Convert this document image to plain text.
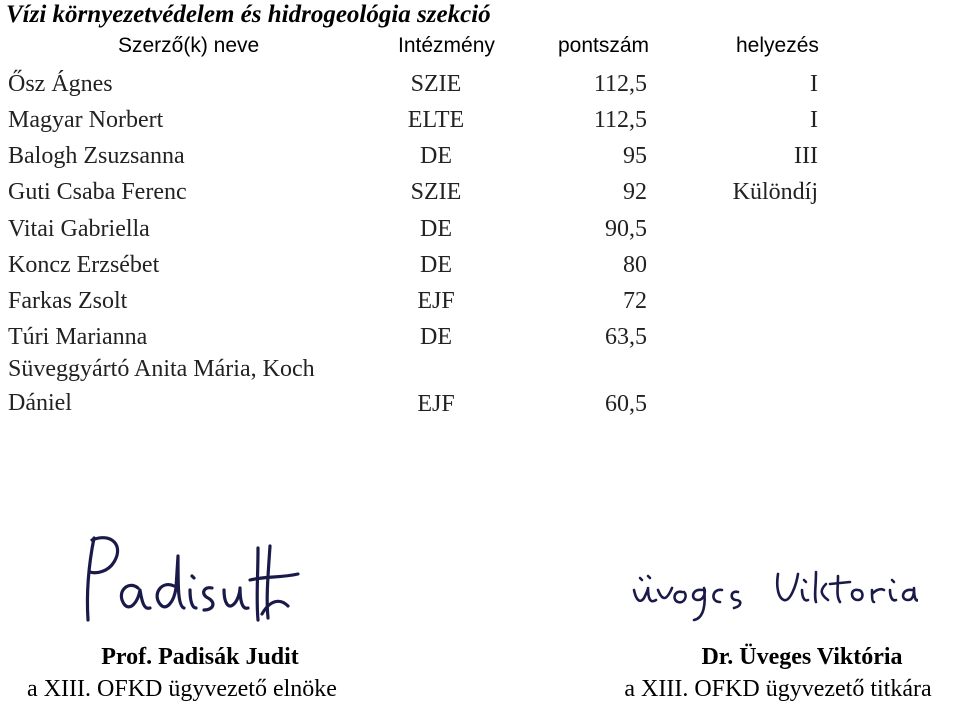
Vízi környezetvédelem és hidrogeológia szekció
Szerző(k) neve	Intézmény	pontszám	helyezés
Ősz Ágnes	SZIE	112,5	I
Magyar Norbert	ELTE	112,5	I
Balogh Zsuzsanna	DE	95	III
Guti Csaba Ferenc	SZIE	92	Különdíj
Vitai Gabriella	DE	90,5
Koncz Erzsébet	DE	80
Farkas Zsolt	EJF	72
Túri Marianna	DE	63,5
Süveggyártó Anita Mária, Koch
Dániel	EJF	60,5
Prof. Padisák Judit
a XIII. OFKD ügyvezető elnöke
Dr. Üveges Viktória
a XIII. OFKD ügyvezető titkára
